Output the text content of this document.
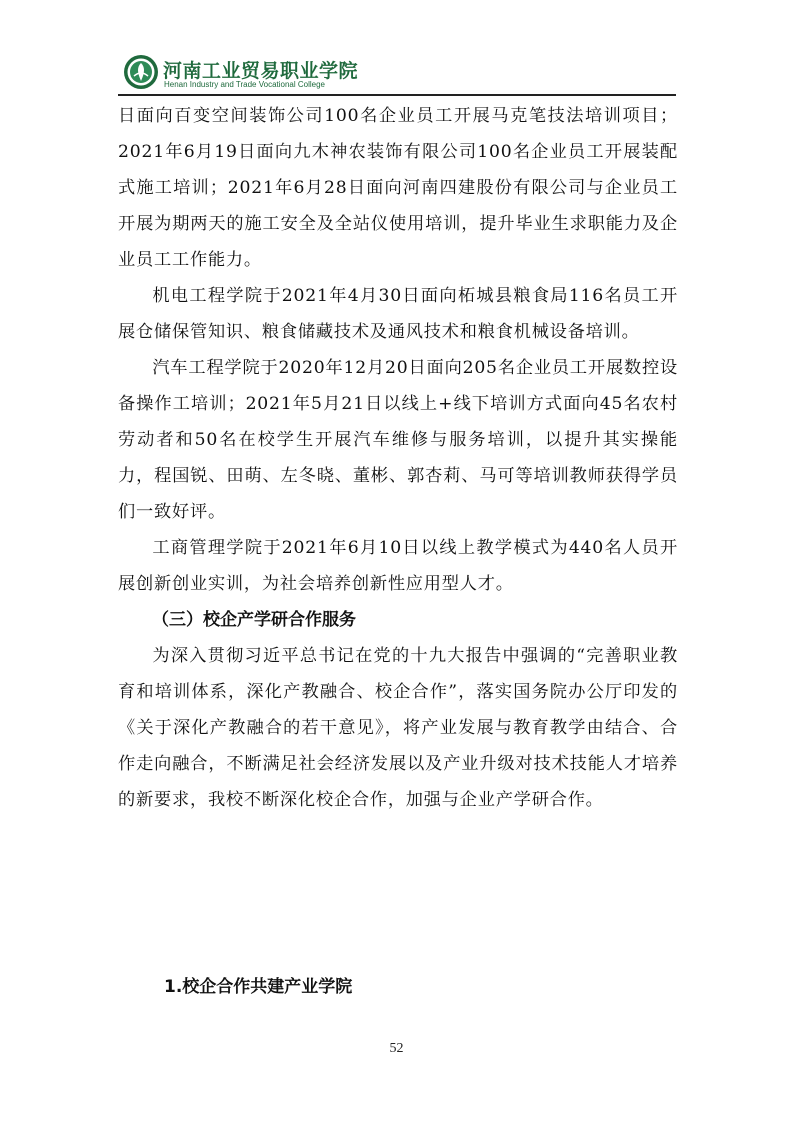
河南工业贸易职业学院
Henan Industry and Trade Vocational College

日面向百变空间装饰公司100名企业员工开展马克笔技法培训项目；2021年6月19日面向九木神农装饰有限公司100名企业员工开展装配式施工培训；2021年6月28日面向河南四建股份有限公司与企业员工开展为期两天的施工安全及全站仪使用培训，提升毕业生求职能力及企业员工工作能力。

机电工程学院于2021年4月30日面向柘城县粮食局116名员工开展仓储保管知识、粮食储藏技术及通风技术和粮食机械设备培训。

汽车工程学院于2020年12月20日面向205名企业员工开展数控设备操作工培训；2021年5月21日以线上+线下培训方式面向45名农村劳动者和50名在校学生开展汽车维修与服务培训，以提升其实操能力，程国锐、田萌、左冬晓、董彬、郭杏莉、马可等培训教师获得学员们一致好评。

工商管理学院于2021年6月10日以线上教学模式为440名人员开展创新创业实训，为社会培养创新性应用型人才。

（三）校企产学研合作服务

为深入贯彻习近平总书记在党的十九大报告中强调的“完善职业教育和培训体系，深化产教融合、校企合作”，落实国务院办公厅印发的《关于深化产教融合的若干意见》，将产业发展与教育教学由结合、合作走向融合，不断满足社会经济发展以及产业升级对技术技能人才培养的新要求，我校不断深化校企合作，加强与企业产学研合作。

1.校企合作共建产业学院
52
